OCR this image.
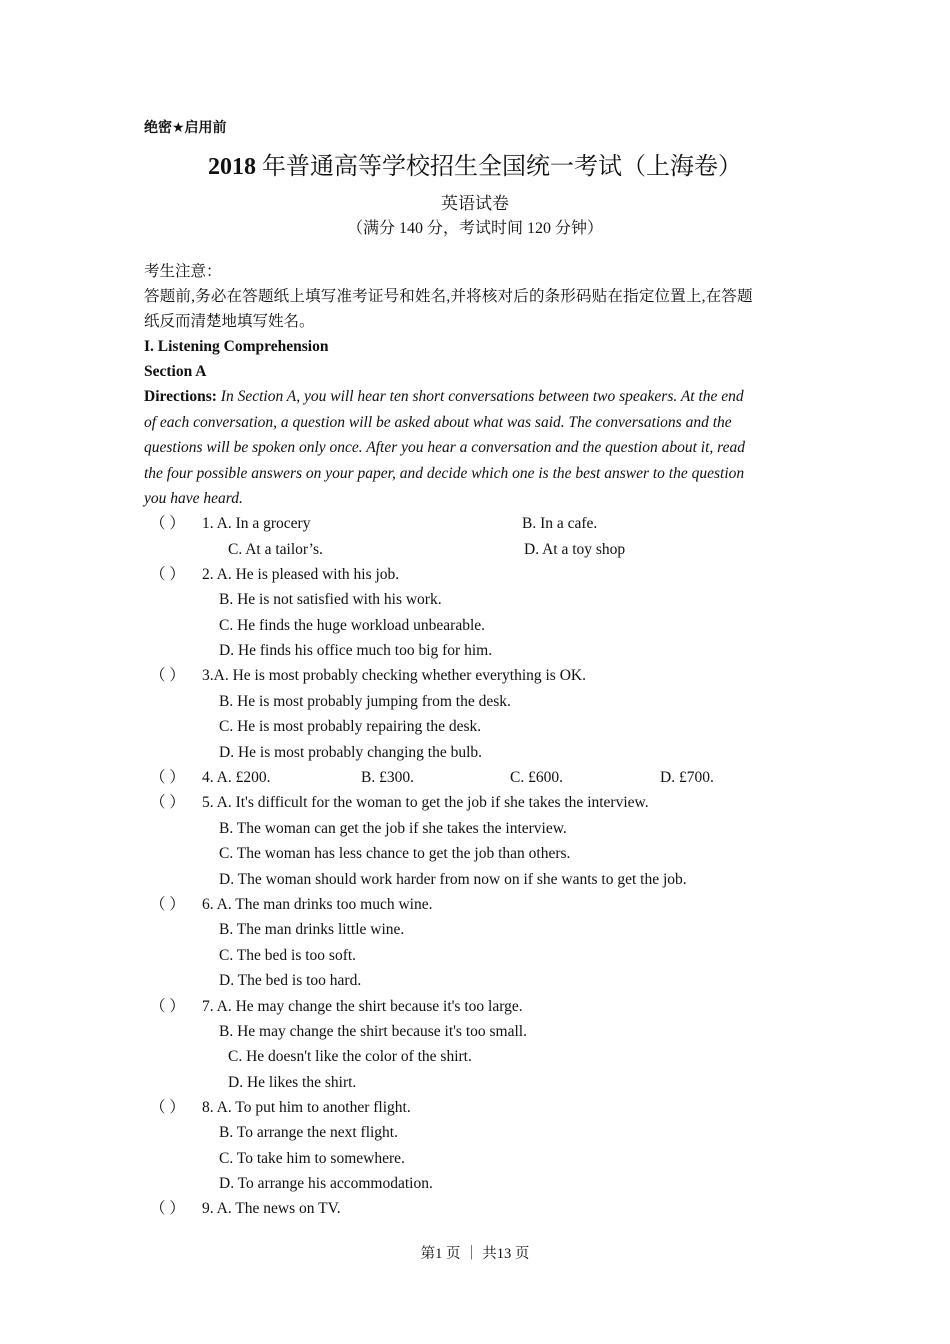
绝密★启用前
2018 年普通高等学校招生全国统一考试（上海卷）
英语试卷
（满分 140 分，考试时间 120 分钟）
考生注意：
答题前,务必在答题纸上填写准考证号和姓名,并将核对后的条形码贴在指定位置上,在答题
纸反而清楚地填写姓名。
I. Listening Comprehension
Section A
Directions: In Section A, you will hear ten short conversations between two speakers. At the end
of each conversation, a question will be asked about what was said. The conversations and the
questions will be spoken only once. After you hear a conversation and the question about it, read
the four possible answers on your paper, and decide which one is the best answer to the question
you have heard.
（ ） 1. A. In a grocery	B. In a cafe.
C. At a tailor’s.	D. At a toy shop
（ ） 2. A. He is pleased with his job.
B. He is not satisfied with his work.
C. He finds the huge workload unbearable.
D. He finds his office much too big for him.
（ ） 3.A. He is most probably checking whether everything is OK.
B. He is most probably jumping from the desk.
C. He is most probably repairing the desk.
D. He is most probably changing the bulb.
（ ） 4. A. £200.	B. £300.	C. £600.	D. £700.
（ ） 5. A. It's difficult for the woman to get the job if she takes the interview.
B. The woman can get the job if she takes the interview.
C. The woman has less chance to get the job than others.
D. The woman should work harder from now on if she wants to get the job.
（ ） 6. A. The man drinks too much wine.
B. The man drinks little wine.
C. The bed is too soft.
D. The bed is too hard.
（ ） 7. A. He may change the shirt because it's too large.
B. He may change the shirt because it's too small.
C. He doesn't like the color of the shirt.
D. He likes the shirt.
（ ） 8. A. To put him to another flight.
B. To arrange the next flight.
C. To take him to somewhere.
D. To arrange his accommodation.
（ ） 9. A. The news on TV.
第1 页 ｜ 共13 页
